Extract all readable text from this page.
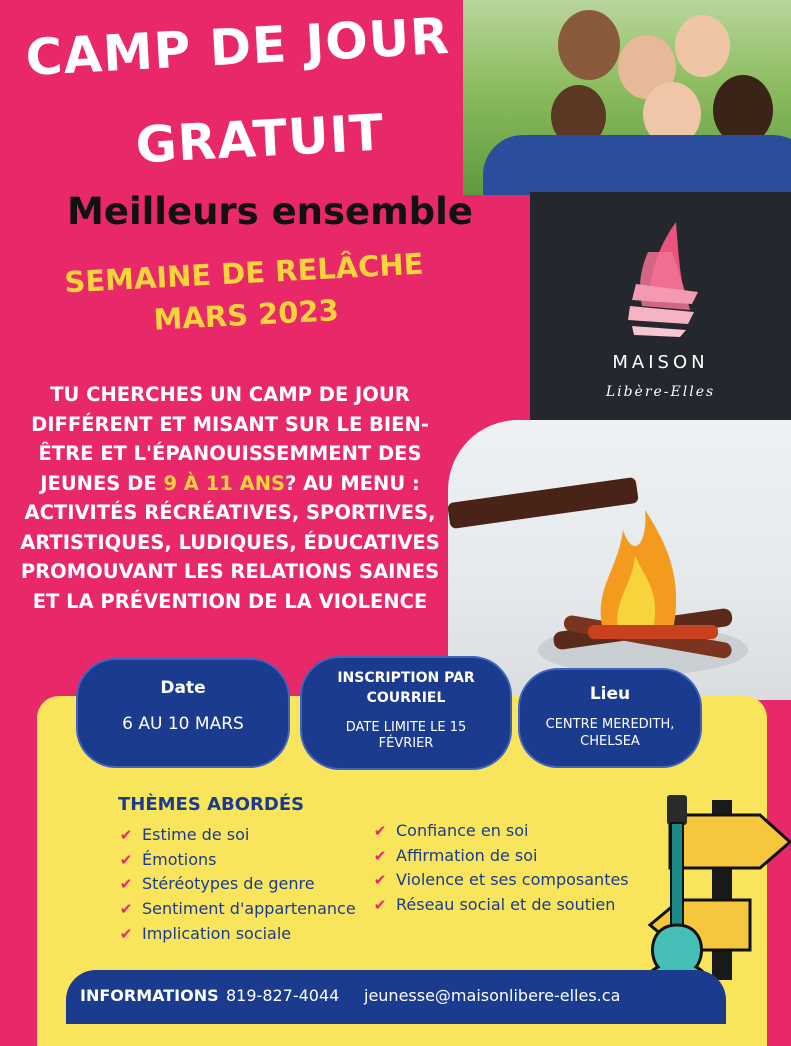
CAMP DE JOUR
GRATUIT
Meilleurs ensemble
SEMAINE DE RELÂCHE
MARS 2023
MAISON
Libère-Elles
TU CHERCHES UN CAMP DE JOUR DIFFÉRENT ET MISANT SUR LE BIEN-ÊTRE ET L'ÉPANOUISSEMMENT DES JEUNES DE 9 À 11 ANS? AU MENU : ACTIVITÉS RÉCRÉATIVES, SPORTIVES, ARTISTIQUES, LUDIQUES, ÉDUCATIVES PROMOUVANT LES RELATIONS SAINES ET LA PRÉVENTION DE LA VIOLENCE
Date
6 AU 10 MARS
INSCRIPTION PAR COURRIEL
DATE LIMITE LE 15 FÉVRIER
Lieu
CENTRE MEREDITH, CHELSEA
THÈMES ABORDÉS
✔ Estime de soi
✔ Émotions
✔ Stéréotypes de genre
✔ Sentiment d'appartenance
✔ Implication sociale
✔ Confiance en soi
✔ Affirmation de soi
✔ Violence et ses composantes
✔ Réseau social et de soutien
INFORMATIONS 819-827-4044 jeunesse@maisonlibere-elles.ca
